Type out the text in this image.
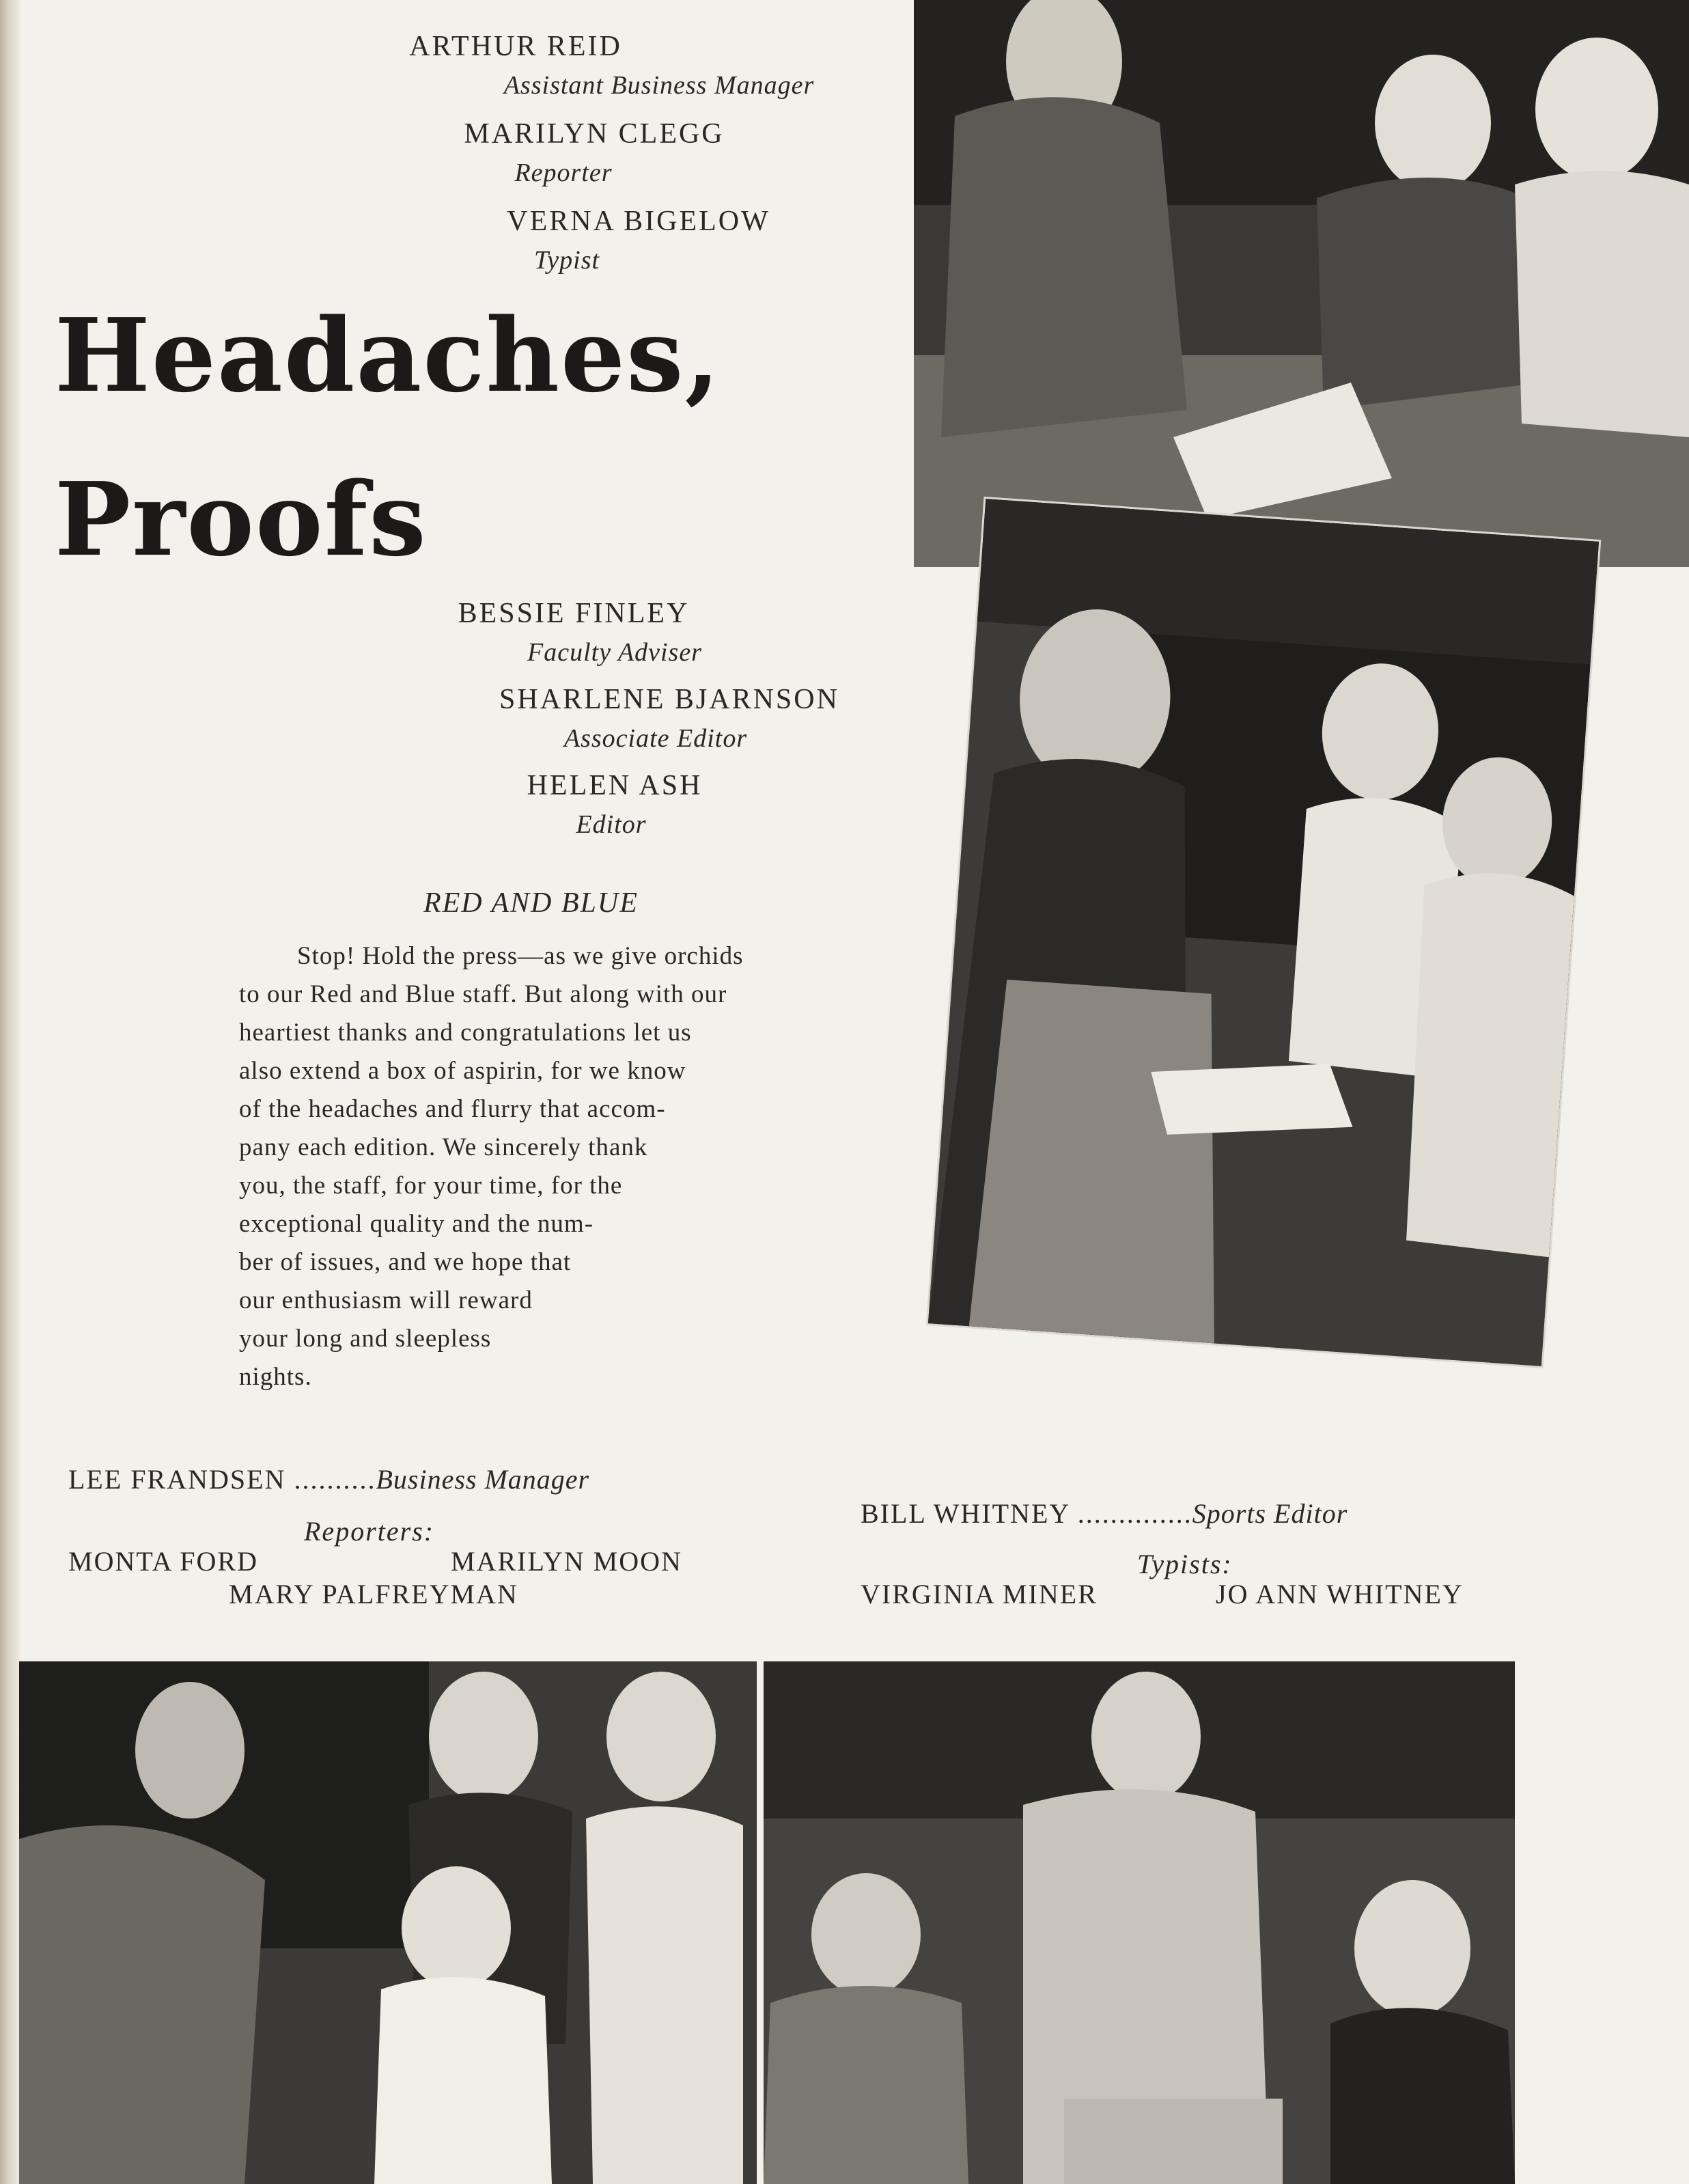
ARTHUR REID
Assistant Business Manager
MARILYN CLEGG
Reporter
VERNA BIGELOW
Typist
Headaches,
Proofs
BESSIE FINLEY
Faculty Adviser
SHARLENE BJARNSON
Associate Editor
HELEN ASH
Editor
RED AND BLUE
Stop! Hold the press—as we give orchids
to our Red and Blue staff. But along with our
heartiest thanks and congratulations let us
also extend a box of aspirin, for we know
of the headaches and flurry that accom-
pany each edition. We sincerely thank
you, the staff, for your time, for the
exceptional quality and the num-
ber of issues, and we hope that
our enthusiasm will reward
your long and sleepless
nights.
LEE FRANDSEN ..........Business Manager
Reporters:
MONTA FORD	MARILYN MOON
MARY PALFREYMAN
BILL WHITNEY ..............Sports Editor
Typists:
VIRGINIA MINER	JO ANN WHITNEY
